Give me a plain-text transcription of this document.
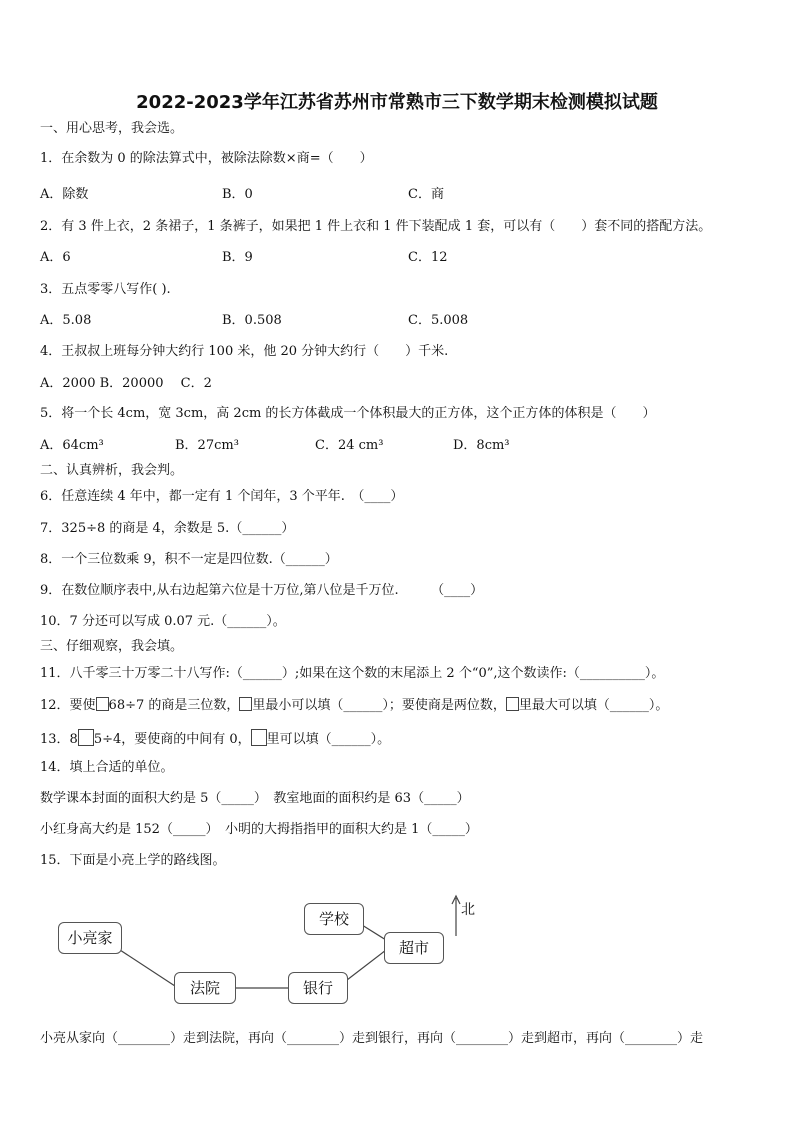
2022-2023学年江苏省苏州市常熟市三下数学期末检测模拟试题
一、用心思考，我会选。
1．在余数为 0 的除法算式中，被除法除数×商=（　　）
A．除数	B．0	C．商
2．有 3 件上衣，2 条裙子，1 条裤子，如果把 1 件上衣和 1 件下装配成 1 套，可以有（　　）套不同的搭配方法。
A．6	B．9	C．12
3．五点零零八写作( ).
A．5.08	B．0.508	C．5.008
4．王叔叔上班每分钟大约行 100 米，他 20 分钟大约行（　　）千米.
A．2000 B．20000　 C．2
5．将一个长 4cm，宽 3cm，高 2cm 的长方体截成一个体积最大的正方体，这个正方体的体积是（　　）
A．64cm³	B．27cm³	C．24 cm³	D．8cm³
二、认真辨析，我会判。
6．任意连续 4 年中，都一定有 1 个闰年，3 个平年.　（____）
7．325÷8 的商是 4，余数是 5.（______）
8．一个三位数乘 9，积不一定是四位数.（______）
9．在数位顺序表中,从右边起第六位是十万位,第八位是千万位.　　　（____）
10．7 分还可以写成 0.07 元.（______）。
三、仔细观察，我会填。
11．八千零三十万零二十八写作:（______）;如果在这个数的末尾添上 2 个“0”,这个数读作:（__________）。
12．要使 68÷7 的商是三位数， 里最小可以填（______）；要使商是两位数， 里最大可以填（______）。
13．8 5÷4，要使商的中间有 0， 里可以填（______）。
14．填上合适的单位。
数学课本封面的面积大约是 5（_____）　教室地面的面积约是 63（_____）
小红身高大约是 152（_____）　小明的大拇指指甲的面积大约是 1（_____）
15．下面是小亮上学的路线图。
小亮家
法院	银行
学校
超市
北
小亮从家向（________）走到法院，再向（________）走到银行，再向（________）走到超市，再向（________）走
